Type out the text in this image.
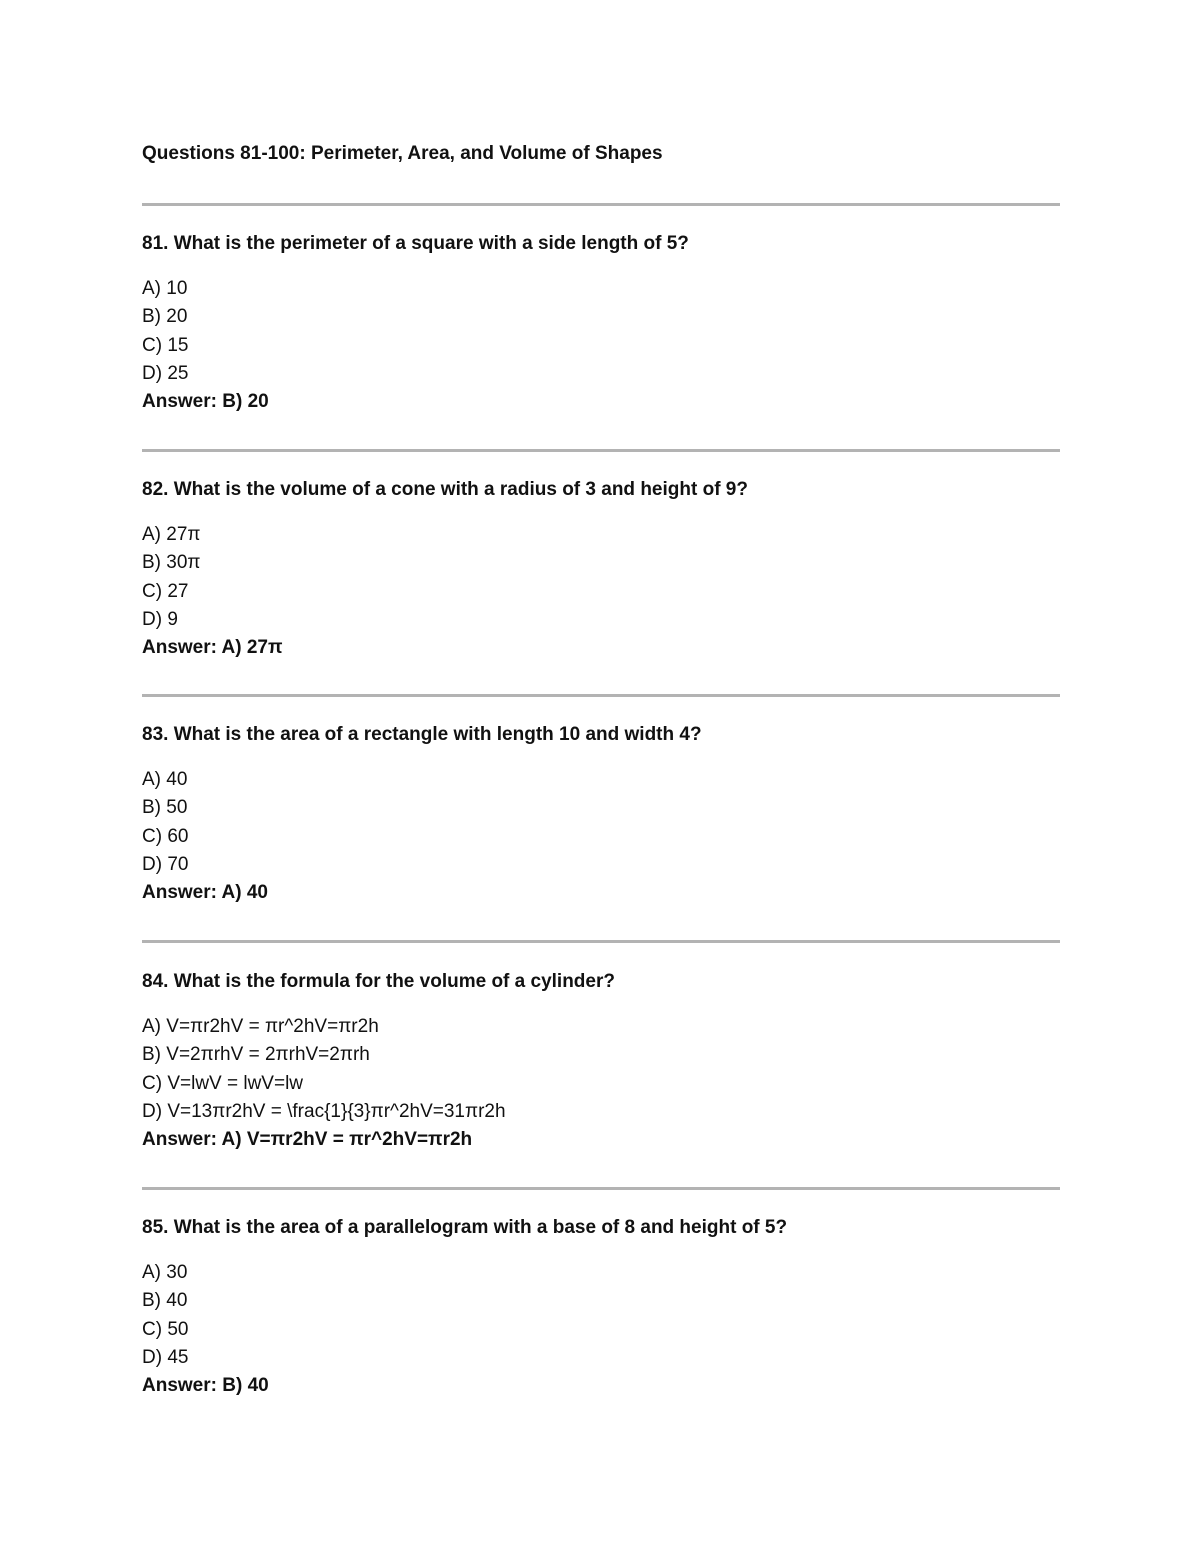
Questions 81-100: Perimeter, Area, and Volume of Shapes

81. What is the perimeter of a square with a side length of 5?

A) 10
B) 20
C) 15
D) 25
Answer: B) 20

82. What is the volume of a cone with a radius of 3 and height of 9?

A) 27π
B) 30π
C) 27
D) 9
Answer: A) 27π

83. What is the area of a rectangle with length 10 and width 4?

A) 40
B) 50
C) 60
D) 70
Answer: A) 40

84. What is the formula for the volume of a cylinder?

A) V=πr2hV = πr^2hV=πr2h
B) V=2πrhV = 2πrhV=2πrh
C) V=lwV = lwV=lw
D) V=13πr2hV = \frac{1}{3}πr^2hV=31πr2h
Answer: A) V=πr2hV = πr^2hV=πr2h

85. What is the area of a parallelogram with a base of 8 and height of 5?

A) 30
B) 40
C) 50
D) 45
Answer: B) 40
